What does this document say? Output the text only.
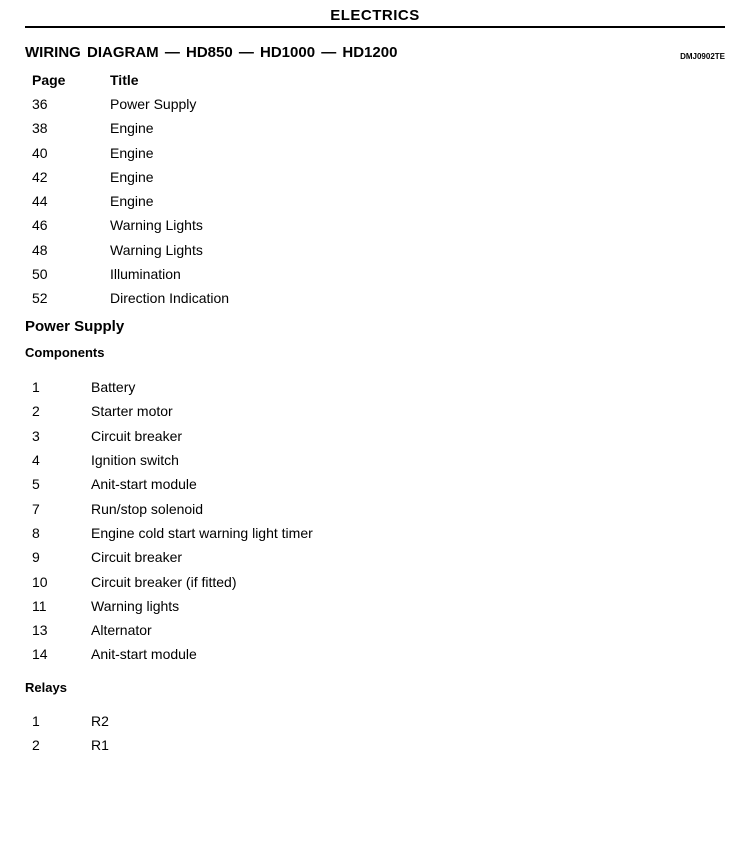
ELECTRICS
WIRING DIAGRAM — HD850 — HD1000 — HD1200	DMJ0902TE
Page	Title
36	Power Supply
38	Engine
40	Engine
42	Engine
44	Engine
46	Warning Lights
48	Warning Lights
50	Illumination
52	Direction Indication
Power Supply
Components
1	Battery
2	Starter motor
3	Circuit breaker
4	Ignition switch
5	Anit-start module
7	Run/stop solenoid
8	Engine cold start warning light timer
9	Circuit breaker
10	Circuit breaker (if fitted)
11	Warning lights
13	Alternator
14	Anit-start module
Relays
1	R2
2	R1
